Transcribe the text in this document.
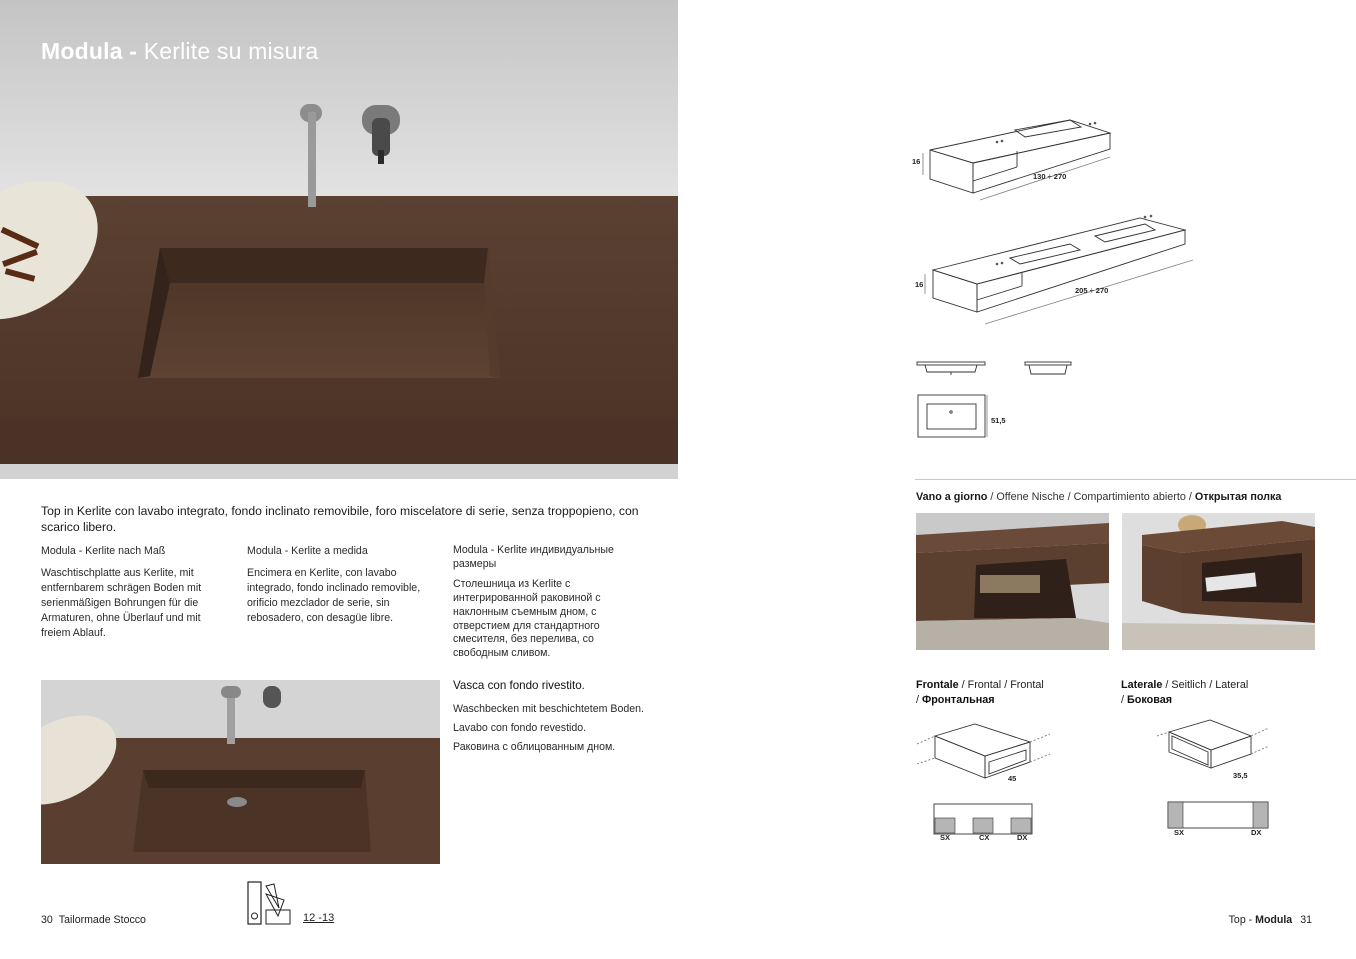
Modula - Kerlite su misura

Top in Kerlite con lavabo integrato, fondo inclinato removibile, foro miscelatore di serie, senza troppopieno, con scarico libero.

Modula - Kerlite nach Maß
Waschtischplatte aus Kerlite, mit
entfernbarem schrägen Boden mit
serienmäßigen Bohrungen für die
Armaturen, ohne Überlauf und mit
freiem Ablauf.
Modula - Kerlite a medida
Encimera en Kerlite, con lavabo
integrado, fondo inclinado removible,
orificio mezclador de serie, sin
rebosadero, con desagüe libre.
Modula - Kerlite индивидуальные
размеры
Столешница из Kerlite с
интегрированной раковиной с
наклонным съемным дном, с
отверстием для стандартного
смесителя, без перелива, со
свободным сливом.
Vasca con fondo rivestito.

Waschbecken mit beschichtetem Boden.

Lavabo con fondo revestido.

Раковина с облицованным дном.

30 Tailormade Stocco	12 -13
16
130 ÷ 270
16
205 ÷ 270
51,5
Vano a giorno / Offene Nische / Compartimiento abierto / Открытая полка
Frontale / Frontal / Frontal
/ Фронтальная
Laterale / Seitlich / Lateral
/ Боковая
45
SX	CX	DX
35,5
SX	DX
Top - Modula 31
